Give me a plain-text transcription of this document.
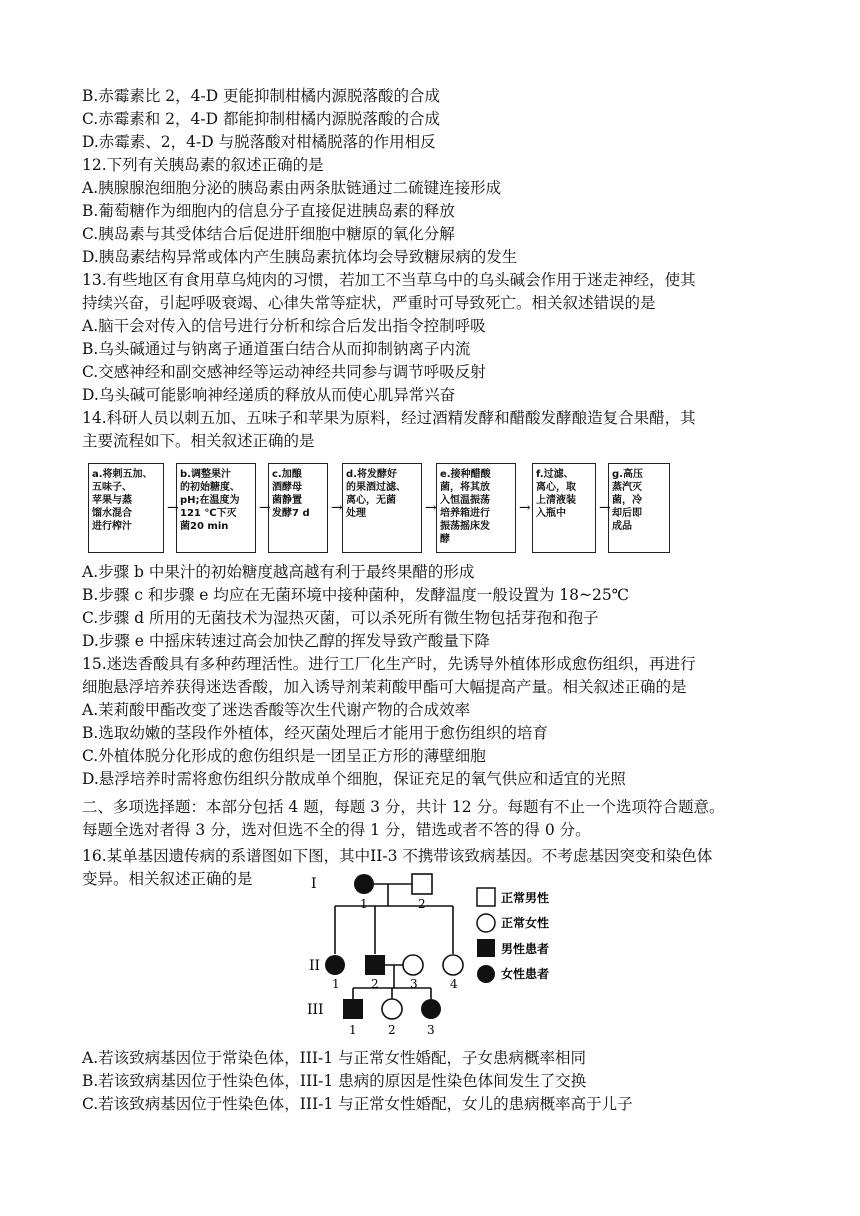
B.赤霉素比 2，4-D 更能抑制柑橘内源脱落酸的合成
C.赤霉素和 2，4-D 都能抑制柑橘内源脱落酸的合成
D.赤霉素、2，4-D 与脱落酸对柑橘脱落的作用相反
12.下列有关胰岛素的叙述正确的是
A.胰腺腺泡细胞分泌的胰岛素由两条肽链通过二硫键连接形成
B.葡萄糖作为细胞内的信息分子直接促进胰岛素的释放
C.胰岛素与其受体结合后促进肝细胞中糖原的氧化分解
D.胰岛素结构异常或体内产生胰岛素抗体均会导致糖尿病的发生
13.有些地区有食用草乌炖肉的习惯，若加工不当草乌中的乌头碱会作用于迷走神经，使其
持续兴奋，引起呼吸衰竭、心律失常等症状，严重时可导致死亡。相关叙述错误的是
A.脑干会对传入的信号进行分析和综合后发出指令控制呼吸
B.乌头碱通过与钠离子通道蛋白结合从而抑制钠离子内流
C.交感神经和副交感神经等运动神经共同参与调节呼吸反射
D.乌头碱可能影响神经递质的释放从而使心肌异常兴奋
14.科研人员以刺五加、五味子和苹果为原料，经过酒精发酵和醋酸发酵酿造复合果醋，其
主要流程如下。相关叙述正确的是
a.将刺五加、
五味子、
苹果与蒸
馏水混合
进行榨汁
→
b.调整果汁
的初始糖度、
pH;在温度为
121 ℃下灭
菌20 min
→
c.加酿
酒酵母
菌静置
发酵7 d	→
d.将发酵好
的果酒过滤、
离心，无菌
处理	→
e.接种醋酸
菌，将其放
入恒温振荡
培养箱进行
振荡摇床发
酵
→
f.过滤、
离心，取
上清液装
入瓶中	→
g.高压
蒸汽灭
菌，冷
却后即
成品
A.步骤 b 中果汁的初始糖度越高越有利于最终果醋的形成
B.步骤 c 和步骤 e 均应在无菌环境中接种菌种，发酵温度一般设置为 18~25℃
C.步骤 d 所用的无菌技术为湿热灭菌，可以杀死所有微生物包括芽孢和孢子
D.步骤 e 中摇床转速过高会加快乙醇的挥发导致产酸量下降
15.迷迭香酸具有多种药理活性。进行工厂化生产时，先诱导外植体形成愈伤组织，再进行
细胞悬浮培养获得迷迭香酸，加入诱导剂茉莉酸甲酯可大幅提高产量。相关叙述正确的是
A.茉莉酸甲酯改变了迷迭香酸等次生代谢产物的合成效率
B.选取幼嫩的茎段作外植体，经灭菌处理后才能用于愈伤组织的培育
C.外植体脱分化形成的愈伤组织是一团呈正方形的薄壁细胞
D.悬浮培养时需将愈伤组织分散成单个细胞，保证充足的氧气供应和适宜的光照
二、多项选择题：本部分包括 4 题，每题 3 分，共计 12 分。每题有不止一个选项符合题意。
每题全选对者得 3 分，选对但选不全的得 1 分，错选或者不答的得 0 分。
16.某单基因遗传病的系谱图如下图，其中II-3 不携带该致病基因。不考虑基因突变和染色体
变异。相关叙述正确的是	I
II
III
1	2
1	2	3	4
1	2	3
正常男性
正常女性
男性患者
女性患者
A.若该致病基因位于常染色体，III-1 与正常女性婚配，子女患病概率相同
B.若该致病基因位于性染色体，III-1 患病的原因是性染色体间发生了交换
C.若该致病基因位于性染色体，III-1 与正常女性婚配，女儿的患病概率高于儿子
